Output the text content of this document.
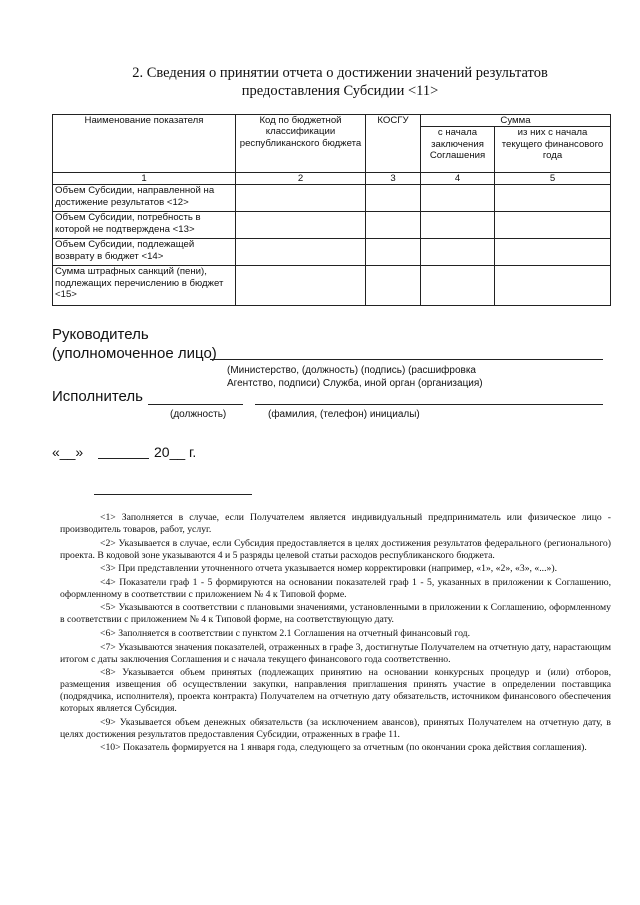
2. Сведения о принятии отчета о достижении значений результатов
предоставления Субсидии <11>
Наименование показателя	Код по бюджетной классификации республиканского бюджета	КОСГУ	Сумма	
			с начала заключения Соглашения	из них с начала текущего финансового года
1	2	3	4	5
Объем Субсидии, направленной на достижение результатов <12>				
Объем Субсидии, потребность в которой не подтверждена <13>				
Объем Субсидии, подлежащей возврату в бюджет <14>				
Сумма штрафных санкций (пени), подлежащих перечислению в бюджет <15>				
Руководитель
(уполномоченное лицо)
(Министерство, (должность) (подпись) (расшифровка
Агентство, подписи) Служба, иной орган (организация)
Исполнитель
(должность)	(фамилия, (телефон) инициалы)
«__»	20__ г.

<1> Заполняется в случае, если Получателем является индивидуальный предприниматель или физическое лицо - производитель товаров, работ, услуг.

<2> Указывается в случае, если Субсидия предоставляется в целях достижения результатов федерального (регионального) проекта. В кодовой зоне указываются 4 и 5 разряды целевой статьи расходов республиканского бюджета.

<3> При представлении уточненного отчета указывается номер корректировки (например, «1», «2», «3», «...»).

<4> Показатели граф 1 - 5 формируются на основании показателей граф 1 - 5, указанных в приложении к Соглашению, оформленному в соответствии с приложением № 4 к Типовой форме.

<5> Указываются в соответствии с плановыми значениями, установленными в приложении к Соглашению, оформленному в соответствии с приложением № 4 к Типовой форме, на соответствующую дату.

<6> Заполняется в соответствии с пунктом 2.1 Соглашения на отчетный финансовый год.

<7> Указываются значения показателей, отраженных в графе 3, достигнутые Получателем на отчетную дату, нарастающим итогом с даты заключения Соглашения и с начала текущего финансового года соответственно.

<8> Указывается объем принятых (подлежащих принятию на основании конкурсных процедур и (или) отборов, размещения извещения об осуществлении закупки, направления приглашения принять участие в определении поставщика (подрядчика, исполнителя), проекта контракта) Получателем на отчетную дату обязательств, источником финансового обеспечения которых является Субсидия.

<9> Указывается объем денежных обязательств (за исключением авансов), принятых Получателем на отчетную дату, в целях достижения результатов предоставления Субсидии, отраженных в графе 11.

<10> Показатель формируется на 1 января года, следующего за отчетным (по окончании срока действия соглашения).
